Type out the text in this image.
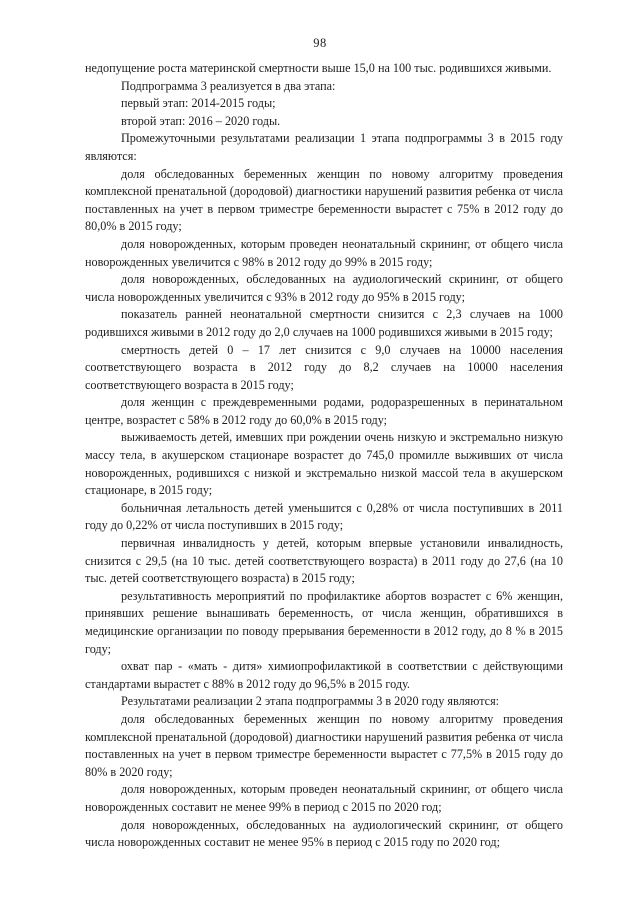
98

недопущение роста материнской смертности выше 15,0 на 100 тыс. родившихся живыми.

Подпрограмма 3 реализуется в два этапа:

первый этап: 2014-2015 годы;

второй этап: 2016 – 2020 годы.

Промежуточными результатами реализации 1 этапа подпрограммы 3 в 2015 году являются:

доля обследованных беременных женщин по новому алгоритму проведения комплексной пренатальной (дородовой) диагностики нарушений развития ребенка от числа поставленных на учет в первом триместре беременности вырастет с 75% в 2012 году до 80,0% в 2015 году;

доля новорожденных, которым проведен неонатальный скрининг, от общего числа новорожденных увеличится с 98% в 2012 году до 99% в 2015 году;

доля новорожденных, обследованных на аудиологический скрининг, от общего числа новорожденных увеличится с 93% в 2012 году до 95% в 2015 году;

показатель ранней неонатальной смертности снизится с 2,3 случаев на 1000 родившихся живыми в 2012 году до 2,0 случаев на 1000 родившихся живыми в 2015 году;

смертность детей 0 – 17 лет снизится с 9,0 случаев на 10000 населения соответствующего возраста в 2012 году до 8,2 случаев на 10000 населения соответствующего возраста в 2015 году;

доля женщин с преждевременными родами, родоразрешенных в перинатальном центре, возрастет с 58% в 2012 году до 60,0% в 2015 году;

выживаемость детей, имевших при рождении очень низкую и экстремально низкую массу тела, в акушерском стационаре возрастет до 745,0 промилле выживших от числа новорожденных, родившихся с низкой и экстремально низкой массой тела в акушерском стационаре, в 2015 году;

больничная летальность детей уменьшится с 0,28% от числа поступивших в 2011 году до 0,22% от числа поступивших в 2015 году;

первичная инвалидность у детей, которым впервые установили инвалидность, снизится с 29,5 (на 10 тыс. детей соответствующего возраста) в 2011 году до 27,6 (на 10 тыс. детей соответствующего возраста) в 2015 году;

результативность мероприятий по профилактике абортов возрастет с 6% женщин, принявших решение вынашивать беременность, от числа женщин, обратившихся в медицинские организации по поводу прерывания беременности в 2012 году, до 8 % в 2015 году;

охват пар - «мать - дитя» химиопрофилактикой в соответствии с действующими стандартами вырастет с 88% в 2012 году до 96,5% в 2015 году.

Результатами реализации 2 этапа подпрограммы 3 в 2020 году являются:

доля обследованных беременных женщин по новому алгоритму проведения комплексной пренатальной (дородовой) диагностики нарушений развития ребенка от числа поставленных на учет в первом триместре беременности вырастет с 77,5% в 2015 году до 80% в 2020 году;

доля новорожденных, которым проведен неонатальный скрининг, от общего числа новорожденных составит не менее 99% в период с 2015 по 2020 год;

доля новорожденных, обследованных на аудиологический скрининг, от общего числа новорожденных составит не менее 95% в период с 2015 году по 2020 год;
